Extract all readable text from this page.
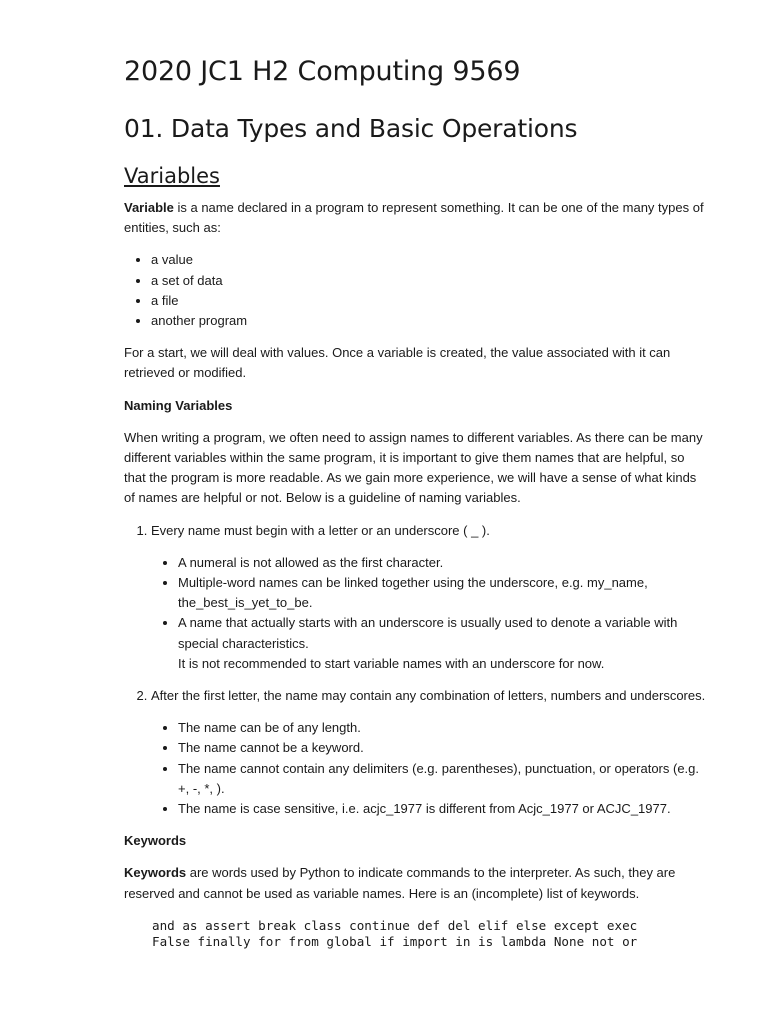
2020 JC1 H2 Computing 9569
01. Data Types and Basic Operations
Variables

Variable is a name declared in a program to represent something. It can be one of the many types of entities, such as:

• a value
• a set of data
• a file
• another program

For a start, we will deal with values. Once a variable is created, the value associated with it can retrieved or modified.

Naming Variables

When writing a program, we often need to assign names to different variables. As there can be many different variables within the same program, it is important to give them names that are helpful, so that the program is more readable. As we gain more experience, we will have a sense of what kinds of names are helpful or not. Below is a guideline of naming variables.

1. Every name must begin with a letter or an underscore ( _ ).
• A numeral is not allowed as the first character.
• Multiple-word names can be linked together using the underscore, e.g. my_name, the_best_is_yet_to_be.
• A name that actually starts with an underscore is usually used to denote a variable with special characteristics.
It is not recommended to start variable names with an underscore for now.
2. After the first letter, the name may contain any combination of letters, numbers and underscores.
• The name can be of any length.
• The name cannot be a keyword.
• The name cannot contain any delimiters (e.g. parentheses), punctuation, or operators (e.g. +, -, *, ).
• The name is case sensitive, i.e. acjc_1977 is different from Acjc_1977 or ACJC_1977.

Keywords

Keywords are words used by Python to indicate commands to the interpreter. As such, they are reserved and cannot be used as variable names. Here is an (incomplete) list of keywords.

and as assert break class continue def del elif else except exec
False finally for from global if import in is lambda None not or
